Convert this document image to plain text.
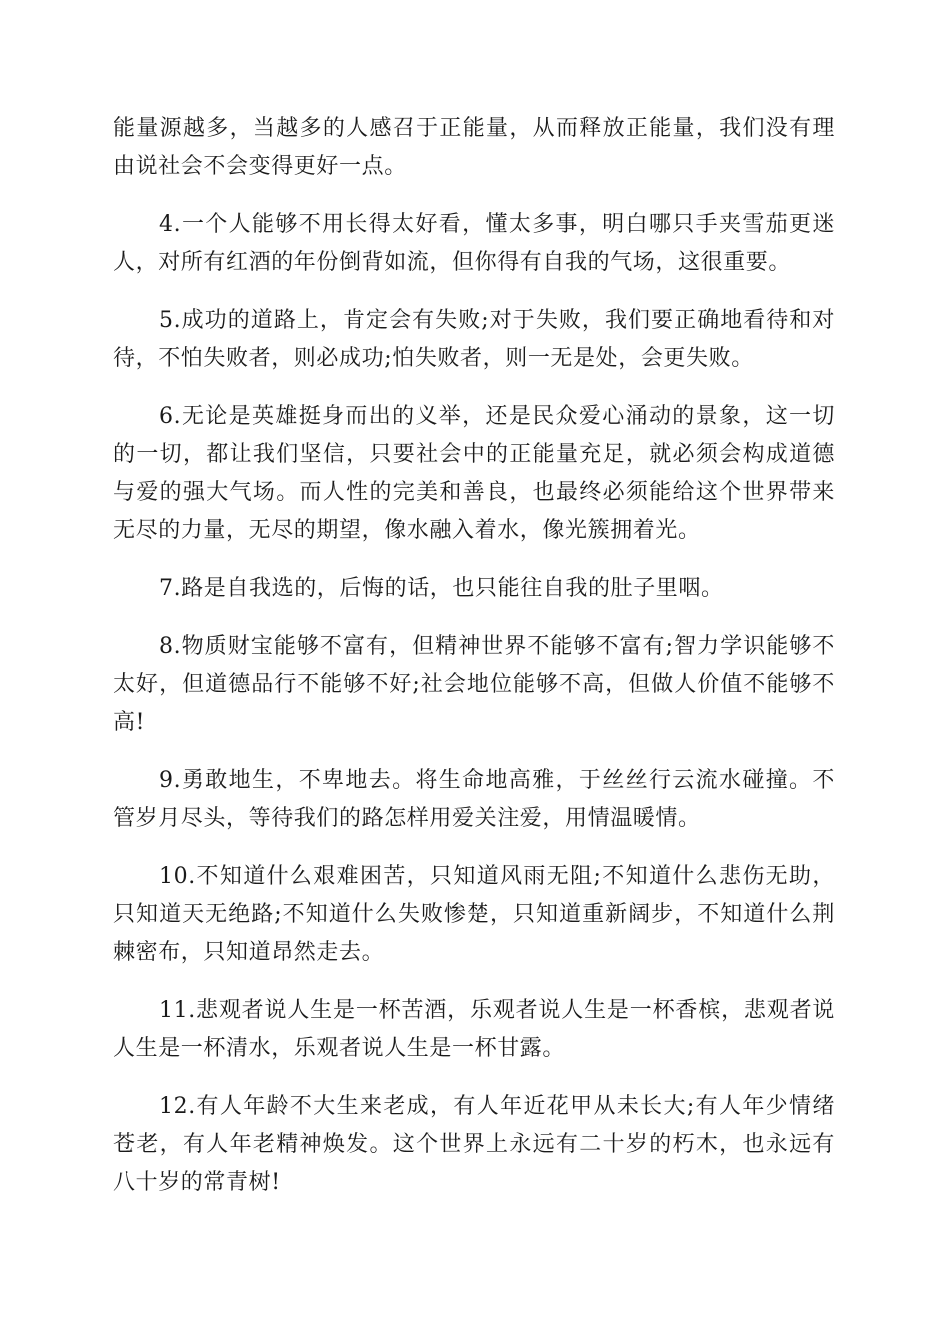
能量源越多，当越多的人感召于正能量，从而释放正能量，我们没有理由说社会不会变得更好一点。

4.一个人能够不用长得太好看，懂太多事，明白哪只手夹雪茄更迷人，对所有红酒的年份倒背如流，但你得有自我的气场，这很重要。

5.成功的道路上，肯定会有失败;对于失败，我们要正确地看待和对待，不怕失败者，则必成功;怕失败者，则一无是处，会更失败。

6.无论是英雄挺身而出的义举，还是民众爱心涌动的景象，这一切的一切，都让我们坚信，只要社会中的正能量充足，就必须会构成道德与爱的强大气场。而人性的完美和善良，也最终必须能给这个世界带来无尽的力量，无尽的期望，像水融入着水，像光簇拥着光。

7.路是自我选的，后悔的话，也只能往自我的肚子里咽。

8.物质财宝能够不富有，但精神世界不能够不富有;智力学识能够不太好，但道德品行不能够不好;社会地位能够不高，但做人价值不能够不高!

9.勇敢地生，不卑地去。将生命地高雅，于丝丝行云流水碰撞。不管岁月尽头，等待我们的路怎样用爱关注爱，用情温暖情。

10.不知道什么艰难困苦，只知道风雨无阻;不知道什么悲伤无助，只知道天无绝路;不知道什么失败惨楚，只知道重新阔步，不知道什么荆棘密布，只知道昂然走去。

11.悲观者说人生是一杯苦酒，乐观者说人生是一杯香槟，悲观者说人生是一杯清水，乐观者说人生是一杯甘露。

12.有人年龄不大生来老成，有人年近花甲从未长大;有人年少情绪苍老，有人年老精神焕发。这个世界上永远有二十岁的朽木，也永远有八十岁的常青树!
